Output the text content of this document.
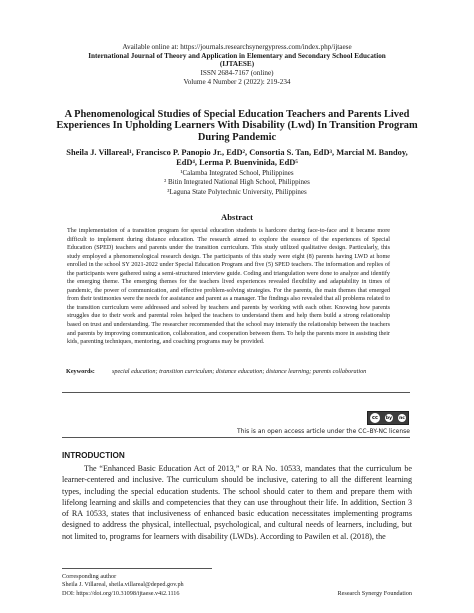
Available online at: https://journals.researchsynergypress.com/index.php/ijtaese
International Journal of Theory and Application in Elementary and Secondary School Education
(IJTAESE)
ISSN 2684-7167 (online)
Volume 4 Number 2 (2022): 219-234
A Phenomenological Studies of Special Education Teachers and Parents Lived Experiences In Upholding Learners With Disability (Lwd) In Transition Program During Pandemic
Sheila J. Villareal¹, Francisco P. Panopio Jr., EdD², Consortia S. Tan, EdD³, Marcial M. Bandoy, EdD⁴, Lerma P. Buenvinida, EdD⁵
¹Calamba Integrated School, Philippines
² Bitin Integrated National High School, Philippines
³Laguna State Polytechnic University, Philippines
Abstract

The implementation of a transition program for special education students is hardcore during face-to-face and it became more difficult to implement during distance education. The research aimed to explore the essence of the experiences of Special Education (SPED) teachers and parents under the transition curriculum. This study utilized qualitative design. Particularly, this study employed a phenomenological research design. The participants of this study were eight (8) parents having LWD at home enrolled in the school SY 2021-2022 under Special Education Program and five (5) SPED teachers. The information and replies of the participants were gathered using a semi-structured interview guide. Coding and triangulation were done to analyze and identify the emerging theme. The emerging themes for the teachers lived experiences revealed flexibility and adaptability in times of pandemic, the power of communication, and effective problem-solving strategies. For the parents, the main themes that emerged from their testimonies were the needs for assistance and parent as a manager. The findings also revealed that all problems related to the transition curriculum were addressed and solved by teachers and parents by working with each other. Knowing how parents struggles due to their work and parental roles helped the teachers to understand them and help them build a strong relationship based on trust and understanding. The researcher recommended that the school may intensify the relationship between the teachers and parents by improving communication, collaboration, and cooperation between them. To help the parents more in assisting their kids, parenting techniques, mentoring, and coaching programs may be provided.

Keywords:	special education; transition curriculum; distance education; distance learning; parents collaboration
cc	by nc
This is an open access article under the CC–BY-NC license
INTRODUCTION

The “Enhanced Basic Education Act of 2013,” or RA No. 10533, mandates that the curriculum be learner-centered and inclusive. The curriculum should be inclusive, catering to all the different learning types, including the special education students. The school should cater to them and prepare them with lifelong learning and skills and competencies that they can use throughout their life. In addition, Section 3 of RA 10533, states that inclusiveness of enhanced basic education necessitates implementing programs designed to address the physical, intellectual, psychological, and cultural needs of learners, including, but not limited to, programs for learners with disability (LWDs). According to Pawilen et al. (2018), the

Corresponding author
Sheila J. Villareal, sheila.villareal@deped.gov.ph
DOI: https://doi.org/10.31098/ijtaese.v4i2.1116	Research Synergy Foundation
